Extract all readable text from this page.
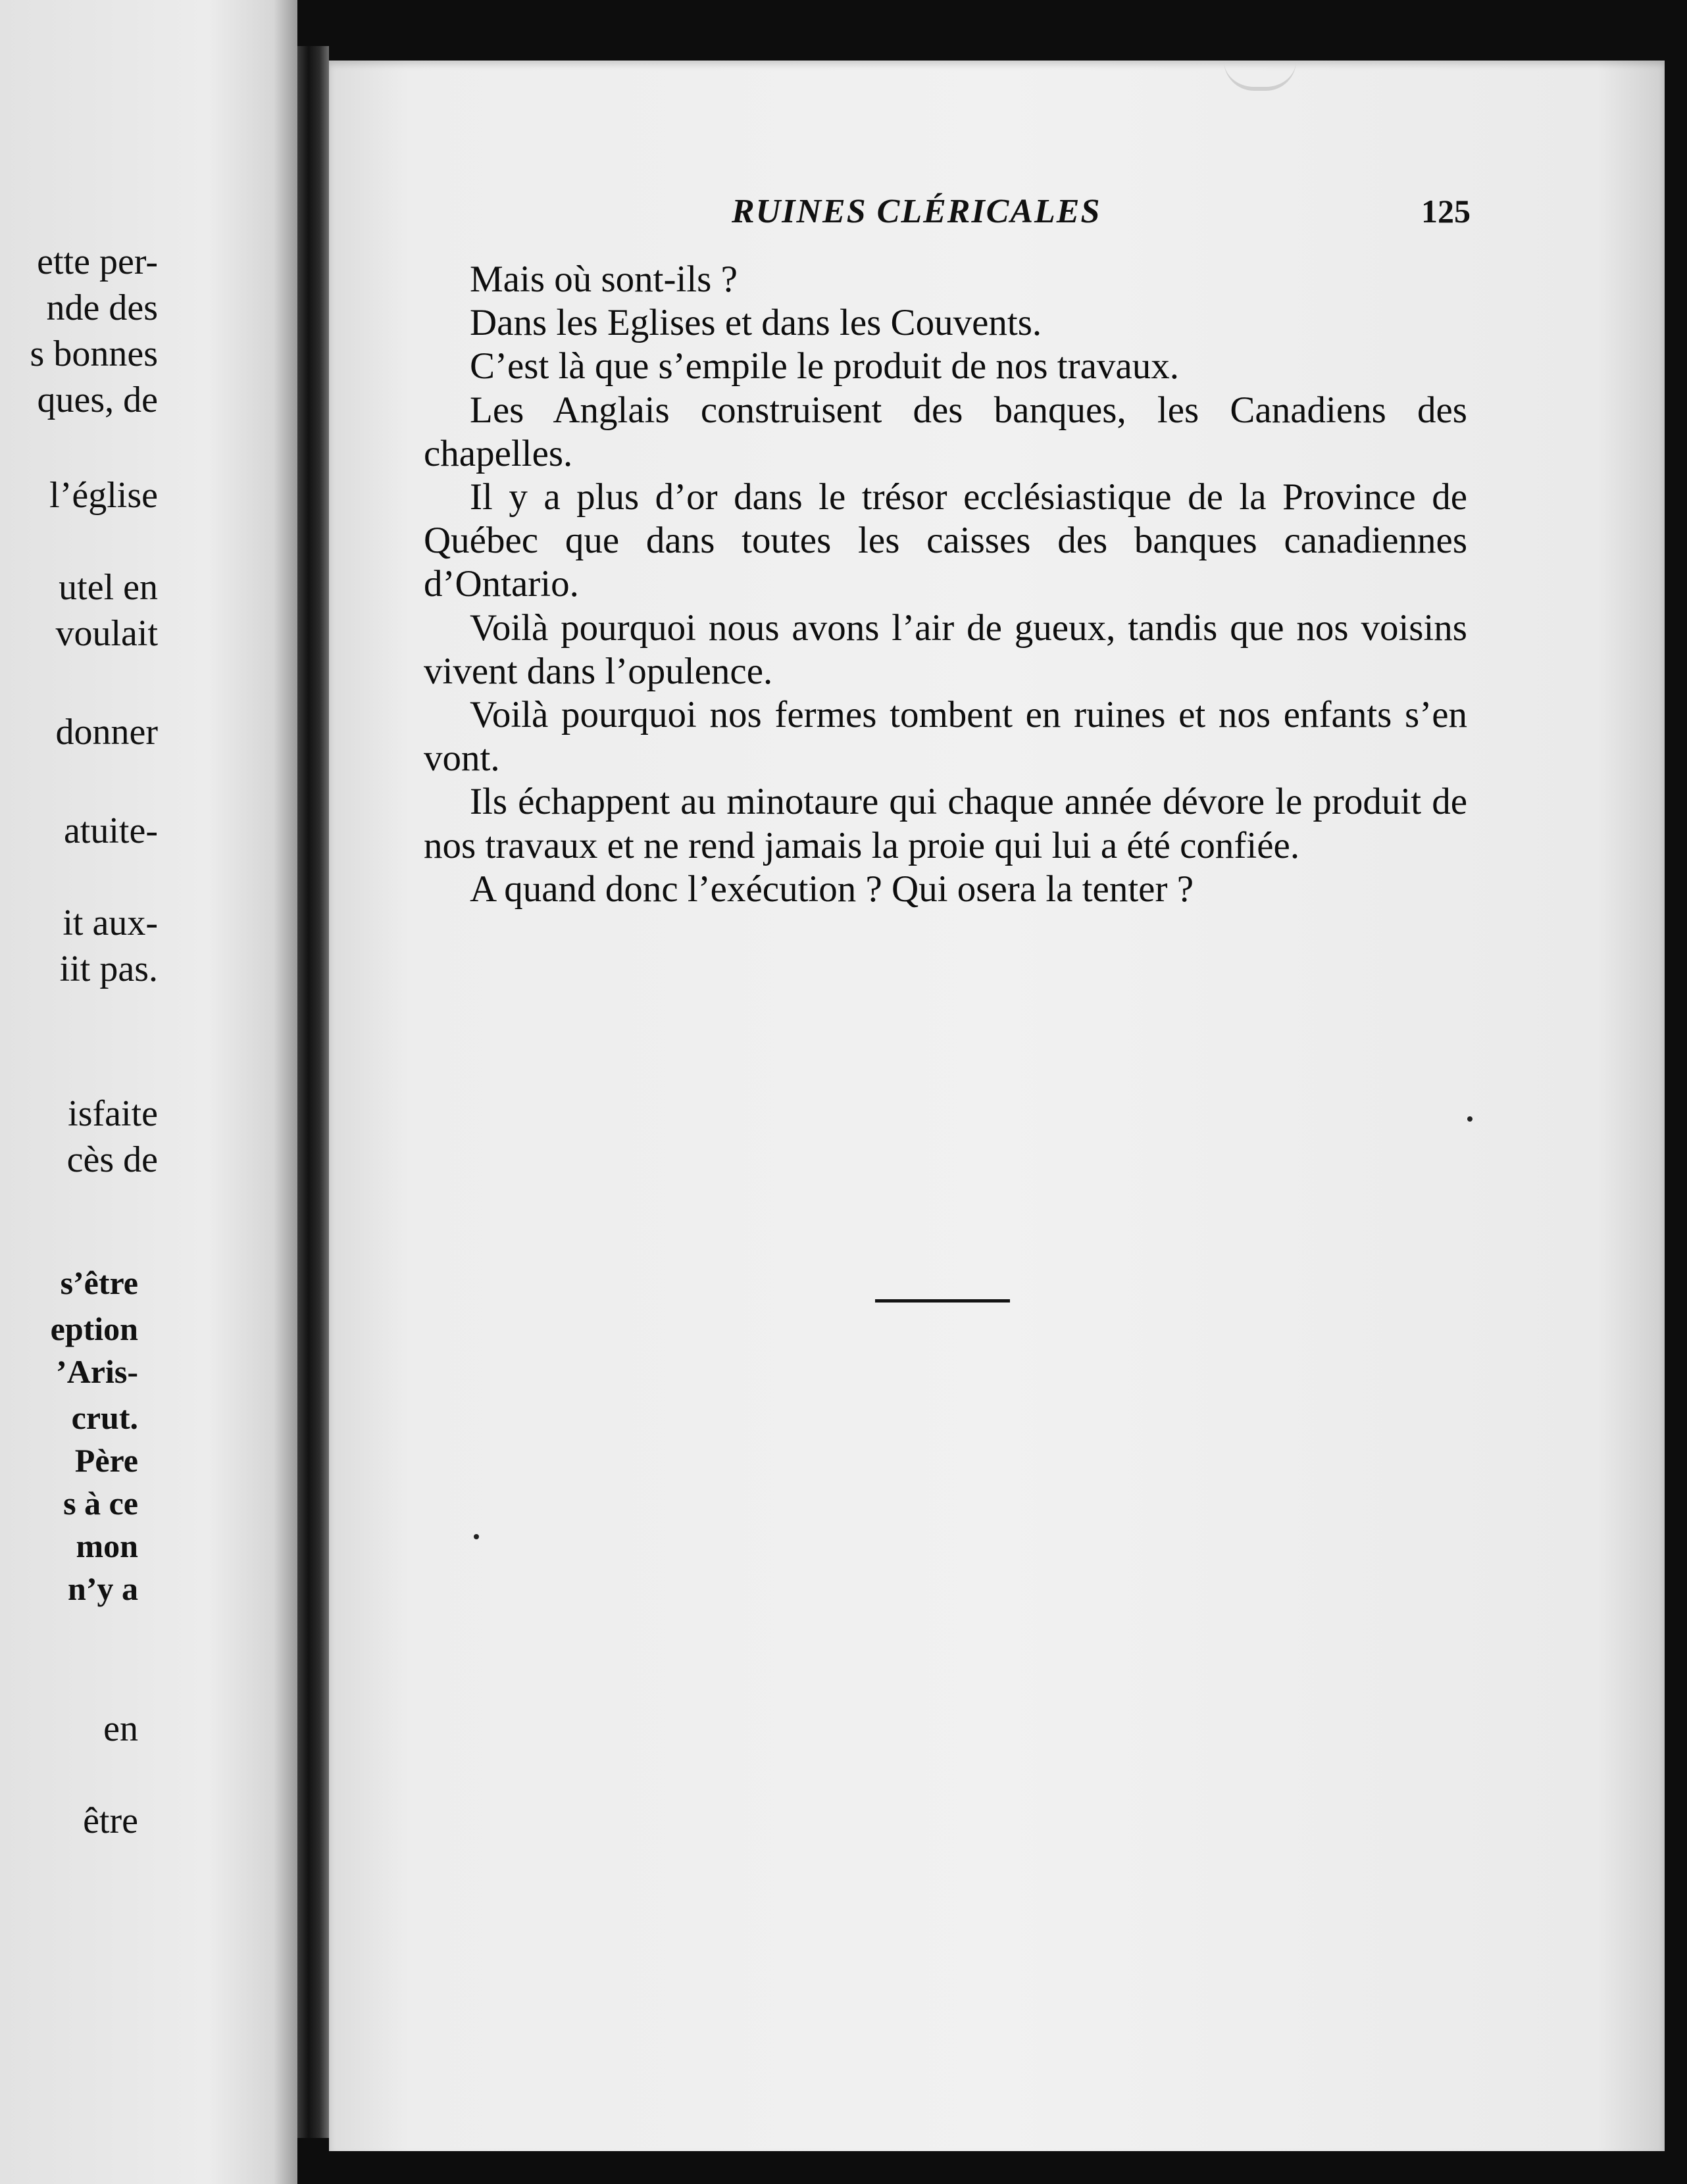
ette per-
nde des
s bonnes
ques, de
l’église
utel en
voulait
donner
atuite-
it aux-
iit pas.
isfaite
cès de
s’être
eption
’Aris-
crut.
Père
s à ce
mon
n’y a
en
être
RUINES CLÉRICALES	125

Mais où sont-ils ?

Dans les Eglises et dans les Couvents.

C’est là que s’empile le produit de nos travaux.

Les Anglais construisent des banques, les Canadiens des chapelles.

Il y a plus d’or dans le trésor ecclésiastique de la Province de Québec que dans toutes les caisses des banques canadiennes d’Ontario.

Voilà pourquoi nous avons l’air de gueux, tandis que nos voisins vivent dans l’opulence.

Voilà pourquoi nos fermes tombent en ruines et nos enfants s’en vont.

Ils échappent au minotaure qui chaque année dévore le produit de nos travaux et ne rend jamais la proie qui lui a été confiée.

A quand donc l’exécution ? Qui osera la tenter ?
